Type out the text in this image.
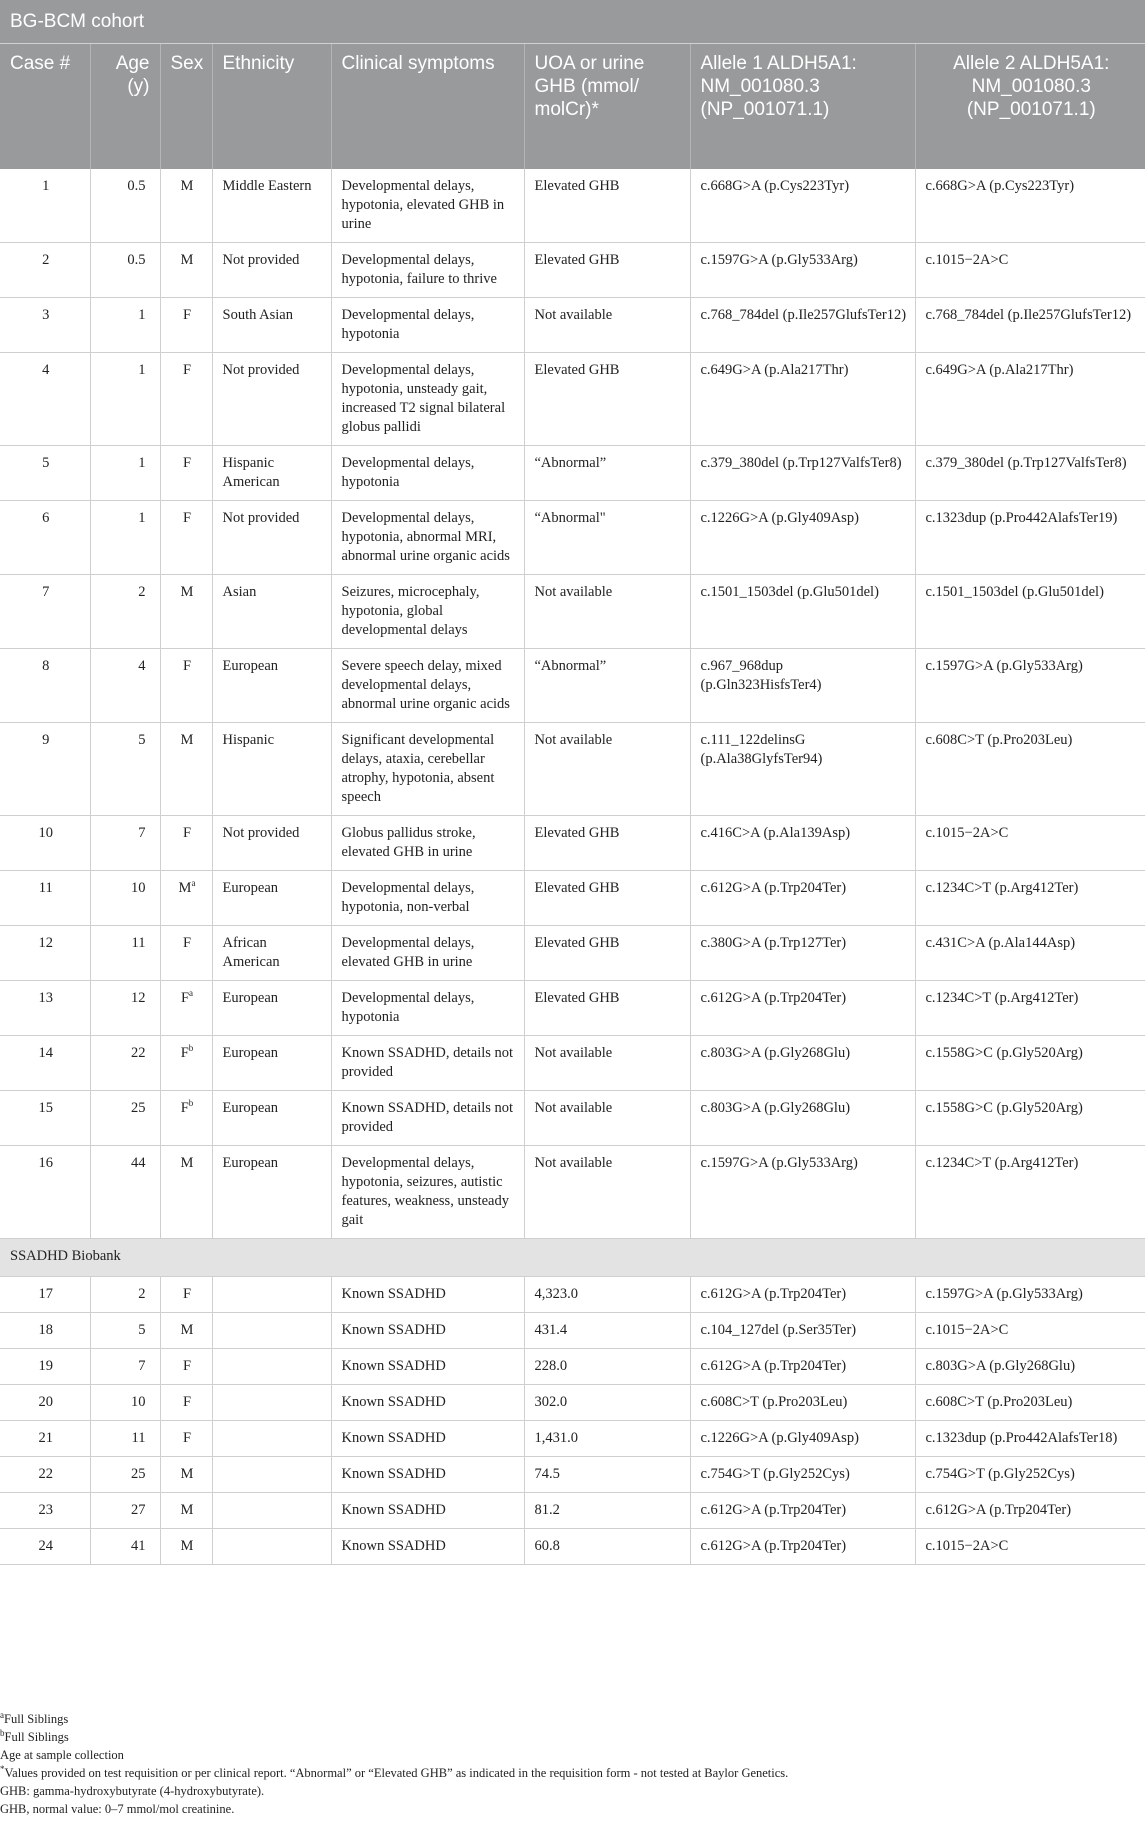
BG-BCM cohort							
Case #	Age (y)	Sex	Ethnicity	Clinical symptoms	UOA or urine GHB (mmol/ molCr)*	Allele 1 ALDH5A1: NM_001080.3 (NP_001071.1)	Allele 2 ALDH5A1: NM_001080.3 (NP_001071.1)
1	0.5	M	Middle Eastern	Developmental delays, hypotonia, elevated GHB in urine	Elevated GHB	c.668G>A (p.Cys223Tyr)	c.668G>A (p.Cys223Tyr)
2	0.5	M	Not provided	Developmental delays, hypotonia, failure to thrive	Elevated GHB	c.1597G>A (p.Gly533Arg)	c.1015−2A>C
3	1	F	South Asian	Developmental delays, hypotonia	Not available	c.768_784del (p.Ile257GlufsTer12)	c.768_784del (p.Ile257GlufsTer12)
4	1	F	Not provided	Developmental delays, hypotonia, unsteady gait, increased T2 signal bilateral globus pallidi	Elevated GHB	c.649G>A (p.Ala217Thr)	c.649G>A (p.Ala217Thr)
5	1	F	Hispanic American	Developmental delays, hypotonia	“Abnormal”	c.379_380del (p.Trp127ValfsTer8)	c.379_380del (p.Trp127ValfsTer8)
6	1	F	Not provided	Developmental delays, hypotonia, abnormal MRI, abnormal urine organic acids	“Abnormal"	c.1226G>A (p.Gly409Asp)	c.1323dup (p.Pro442AlafsTer19)
7	2	M	Asian	Seizures, microcephaly, hypotonia, global developmental delays	Not available	c.1501_1503del (p.Glu501del)	c.1501_1503del (p.Glu501del)
8	4	F	European	Severe speech delay, mixed developmental delays, abnormal urine organic acids	“Abnormal”	c.967_968dup (p.Gln323HisfsTer4)	c.1597G>A (p.Gly533Arg)
9	5	M	Hispanic	Significant developmental delays, ataxia, cerebellar atrophy, hypotonia, absent speech	Not available	c.111_122delinsG (p.Ala38GlyfsTer94)	c.608C>T (p.Pro203Leu)
10	7	F	Not provided	Globus pallidus stroke, elevated GHB in urine	Elevated GHB	c.416C>A (p.Ala139Asp)	c.1015−2A>C
11	10	$M^a$	European	Developmental delays, hypotonia, non-verbal	Elevated GHB	c.612G>A (p.Trp204Ter)	c.1234C>T (p.Arg412Ter)
12	11	F	African American	Developmental delays, elevated GHB in urine	Elevated GHB	c.380G>A (p.Trp127Ter)	c.431C>A (p.Ala144Asp)
13	12	$F^a$	European	Developmental delays, hypotonia	Elevated GHB	c.612G>A (p.Trp204Ter)	c.1234C>T (p.Arg412Ter)
14	22	$F^b$	European	Known SSADHD, details not provided	Not available	c.803G>A (p.Gly268Glu)	c.1558G>C (p.Gly520Arg)
15	25	$F^b$	European	Known SSADHD, details not provided	Not available	c.803G>A (p.Gly268Glu)	c.1558G>C (p.Gly520Arg)
16	44	M	European	Developmental delays, hypotonia, seizures, autistic features, weakness, unsteady gait	Not available	c.1597G>A (p.Gly533Arg)	c.1234C>T (p.Arg412Ter)
SSADHD Biobank							
17	2	F		Known SSADHD	4,323.0	c.612G>A (p.Trp204Ter)	c.1597G>A (p.Gly533Arg)
18	5	M		Known SSADHD	431.4	c.104_127del (p.Ser35Ter)	c.1015−2A>C
19	7	F		Known SSADHD	228.0	c.612G>A (p.Trp204Ter)	c.803G>A (p.Gly268Glu)
20	10	F		Known SSADHD	302.0	c.608C>T (p.Pro203Leu)	c.608C>T (p.Pro203Leu)
21	11	F		Known SSADHD	1,431.0	c.1226G>A (p.Gly409Asp)	c.1323dup (p.Pro442AlafsTer18)
22	25	M		Known SSADHD	74.5	c.754G>T (p.Gly252Cys)	c.754G>T (p.Gly252Cys)
23	27	M		Known SSADHD	81.2	c.612G>A (p.Trp204Ter)	c.612G>A (p.Trp204Ter)
24	41	M		Known SSADHD	60.8	c.612G>A (p.Trp204Ter)	c.1015−2A>C
$^a$Full Siblings
$^b$Full Siblings
Age at sample collection
*Values provided on test requisition or per clinical report. “Abnormal” or “Elevated GHB” as indicated in the requisition form - not tested at Baylor Genetics.
GHB: gamma-hydroxybutyrate (4-hydroxybutyrate).
GHB, normal value: 0–7 mmol/mol creatinine.
